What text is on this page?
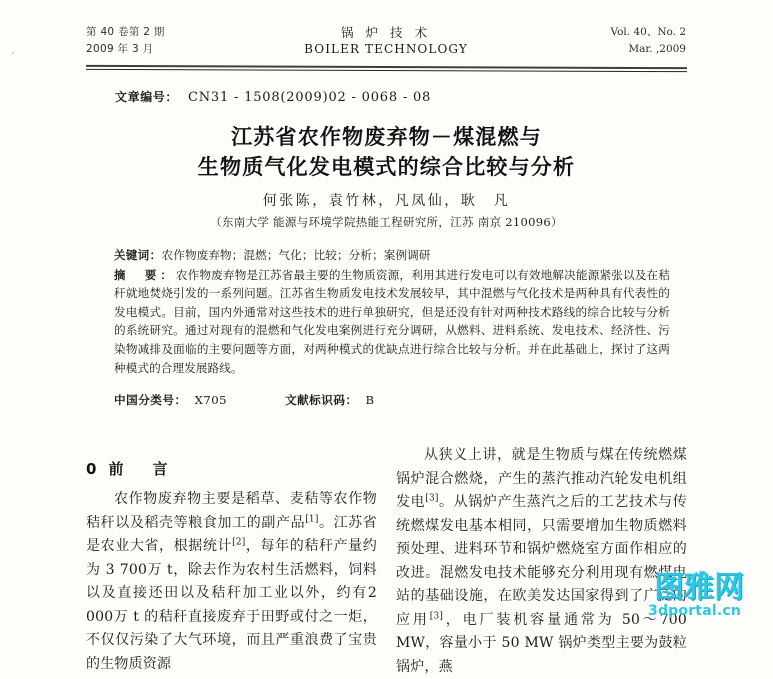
第 40 卷第 2 期
2009 年 3 月
锅 炉 技 术
BOILER TECHNOLOGY
Vol. 40、No. 2
Mar. ,2009
文章编号： CN31 - 1508(2009)02 - 0068 - 08
江苏省农作物废弃物－煤混燃与
生物质气化发电模式的综合比较与分析
何张陈，袁竹林，凡凤仙，耿　凡
（东南大学 能源与环境学院热能工程研究所，江苏 南京 210096）
关键词：农作物废弃物；混燃；气化；比较；分析；案例调研
摘　要：农作物废弃物是江苏省最主要的生物质资源，利用其进行发电可以有效地解决能源紧张以及在秸秆就地焚烧引发的一系列问题。江苏省生物质发电技术发展较早，其中混燃与气化技术是两种具有代表性的发电模式。目前，国内外通常对这些技术的进行单独研究，但是还没有针对两种技术路线的综合比较与分析的系统研究。通过对现有的混燃和气化发电案例进行充分调研，从燃料、进料系统、发电技术、经济性、污染物减排及面临的主要问题等方面，对两种模式的优缺点进行综合比较与分析。并在此基础上，探讨了这两种模式的合理发展路线。
中国分类号： X705	文献标识码： B
0 前　言
农作物废弃物主要是稻草、麦秸等农作物秸秆以及稻壳等粮食加工的副产品[1]。江苏省是农业大省，根据统计[2]，每年的秸秆产量约为 3 700万 t，除去作为农村生活燃料，饲料以及直接还田以及秸秆加工业以外，约有2 000万 t 的秸秆直接废弃于田野或付之一炬，不仅仅污染了大气环境，而且严重浪费了宝贵的生物质资源
从狭义上讲，就是生物质与煤在传统燃煤锅炉混合燃烧，产生的蒸汽推动汽轮发电机组发电[3]。从锅炉产生蒸汽之后的工艺技术与传统燃煤发电基本相同，只需要增加生物质燃料预处理、进料环节和锅炉燃烧室方面作相应的改进。混燃发电技术能够充分利用现有燃煤电站的基础设施，在欧美发达国家得到了广泛的应用[3]，电厂装机容量通常为 50～700 MW，容量小于 50 MW 锅炉类型主要为鼓粒锅炉，燕
图雅网
3dportal.cn
